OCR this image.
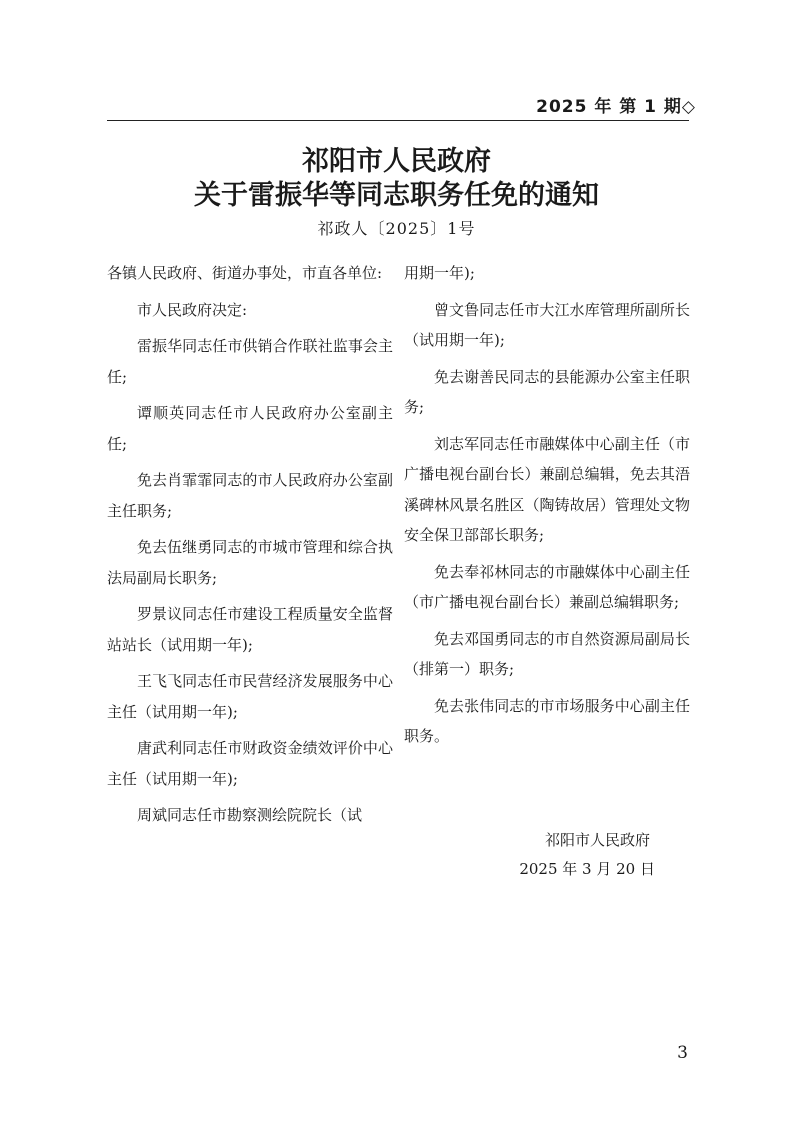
2025 年 第 1 期◇
祁阳市人民政府
关于雷振华等同志职务任免的通知
祁政人〔2025〕1号

各镇人民政府、街道办事处，市直各单位:

市人民政府决定:

雷振华同志任市供销合作联社监事会主任;

谭顺英同志任市人民政府办公室副主任;

免去肖霏霏同志的市人民政府办公室副主任职务;

免去伍继勇同志的市城市管理和综合执法局副局长职务;

罗景议同志任市建设工程质量安全监督站站长（试用期一年);

王飞飞同志任市民营经济发展服务中心主任（试用期一年);

唐武利同志任市财政资金绩效评价中心主任（试用期一年);

周斌同志任市勘察测绘院院长（试

用期一年);

曾文鲁同志任市大江水库管理所副所长（试用期一年);

免去谢善民同志的县能源办公室主任职务;

刘志军同志任市融媒体中心副主任（市广播电视台副台长）兼副总编辑，免去其浯溪碑林风景名胜区（陶铸故居）管理处文物安全保卫部部长职务;

免去奉祁林同志的市融媒体中心副主任（市广播电视台副台长）兼副总编辑职务;

免去邓国勇同志的市自然资源局副局长（排第一）职务;

免去张伟同志的市市场服务中心副主任职务。

祁阳市人民政府
2025 年 3 月 20 日
3
